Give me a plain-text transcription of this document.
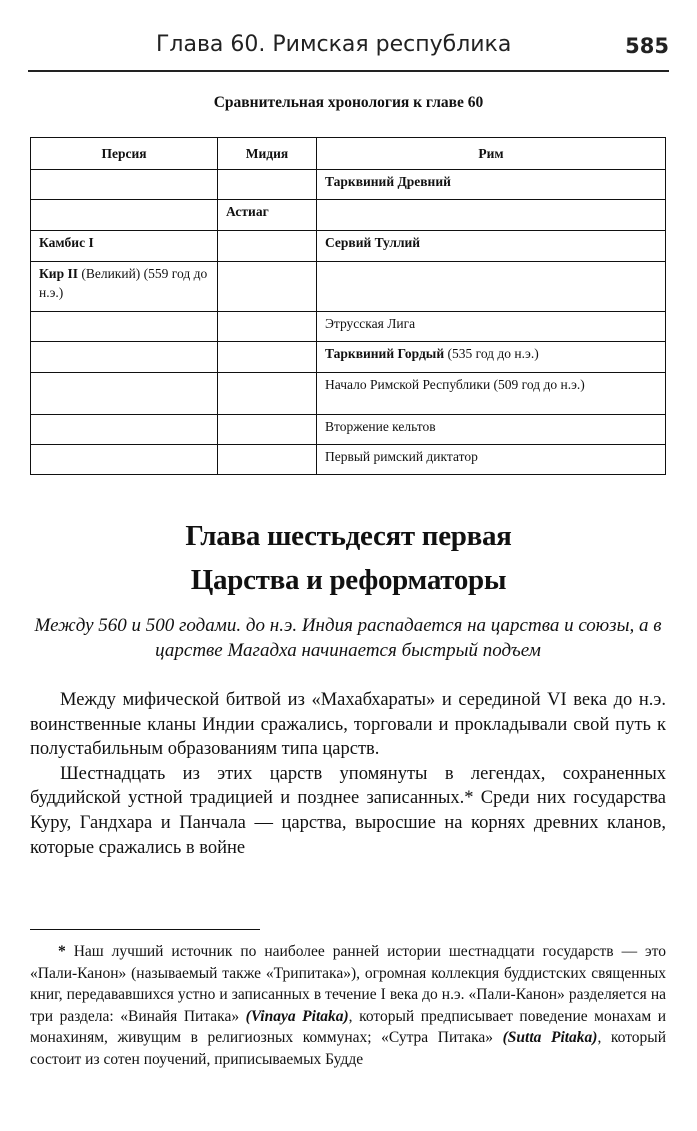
Глава 60. Римская республика	585
Сравнительная хронология к главе 60
Персия	Мидия	Рим
		Тарквиний Древний
	Астиаг	
Камбис I		Сервий Туллий
Кир II (Великий) (559 год до н.э.)		
		Этрусская Лига
		Тарквиний Гордый (535 год до н.э.)
		Начало Римской Республики (509 год до н.э.)
		Вторжение кельтов
		Первый римский диктатор
Глава шестьдесят первая
Царства и реформаторы
Между 560 и 500 годами. до н.э. Индия распадается на царства и союзы, а в царстве Магадха начинается быстрый подъем

Между мифической битвой из «Махабхараты» и серединой VI века до н.э. воинственные кланы Индии сражались, торговали и прокладывали свой путь к полустабильным образованиям типа царств.

Шестнадцать из этих царств упомянуты в легендах, сохраненных буддийской устной традицией и позднее записанных.* Среди них государства Куру, Гандхара и Панчала — царства, выросшие на корнях древних кланов, которые сражались в войне

* Наш лучший источник по наиболее ранней истории шестнадцати государств — это «Пали-Канон» (называемый также «Трипитака»), огромная коллекция буддистских священных книг, передававшихся устно и записанных в течение I века до н.э. «Пали-Канон» разделяется на три раздела: «Винайя Питака» (Vinaya Pitaka), который предписывает поведение монахам и монахиням, живущим в религиозных коммунах; «Сутра Питака» (Sutta Pitaka), который состоит из сотен поучений, приписываемых Будде
